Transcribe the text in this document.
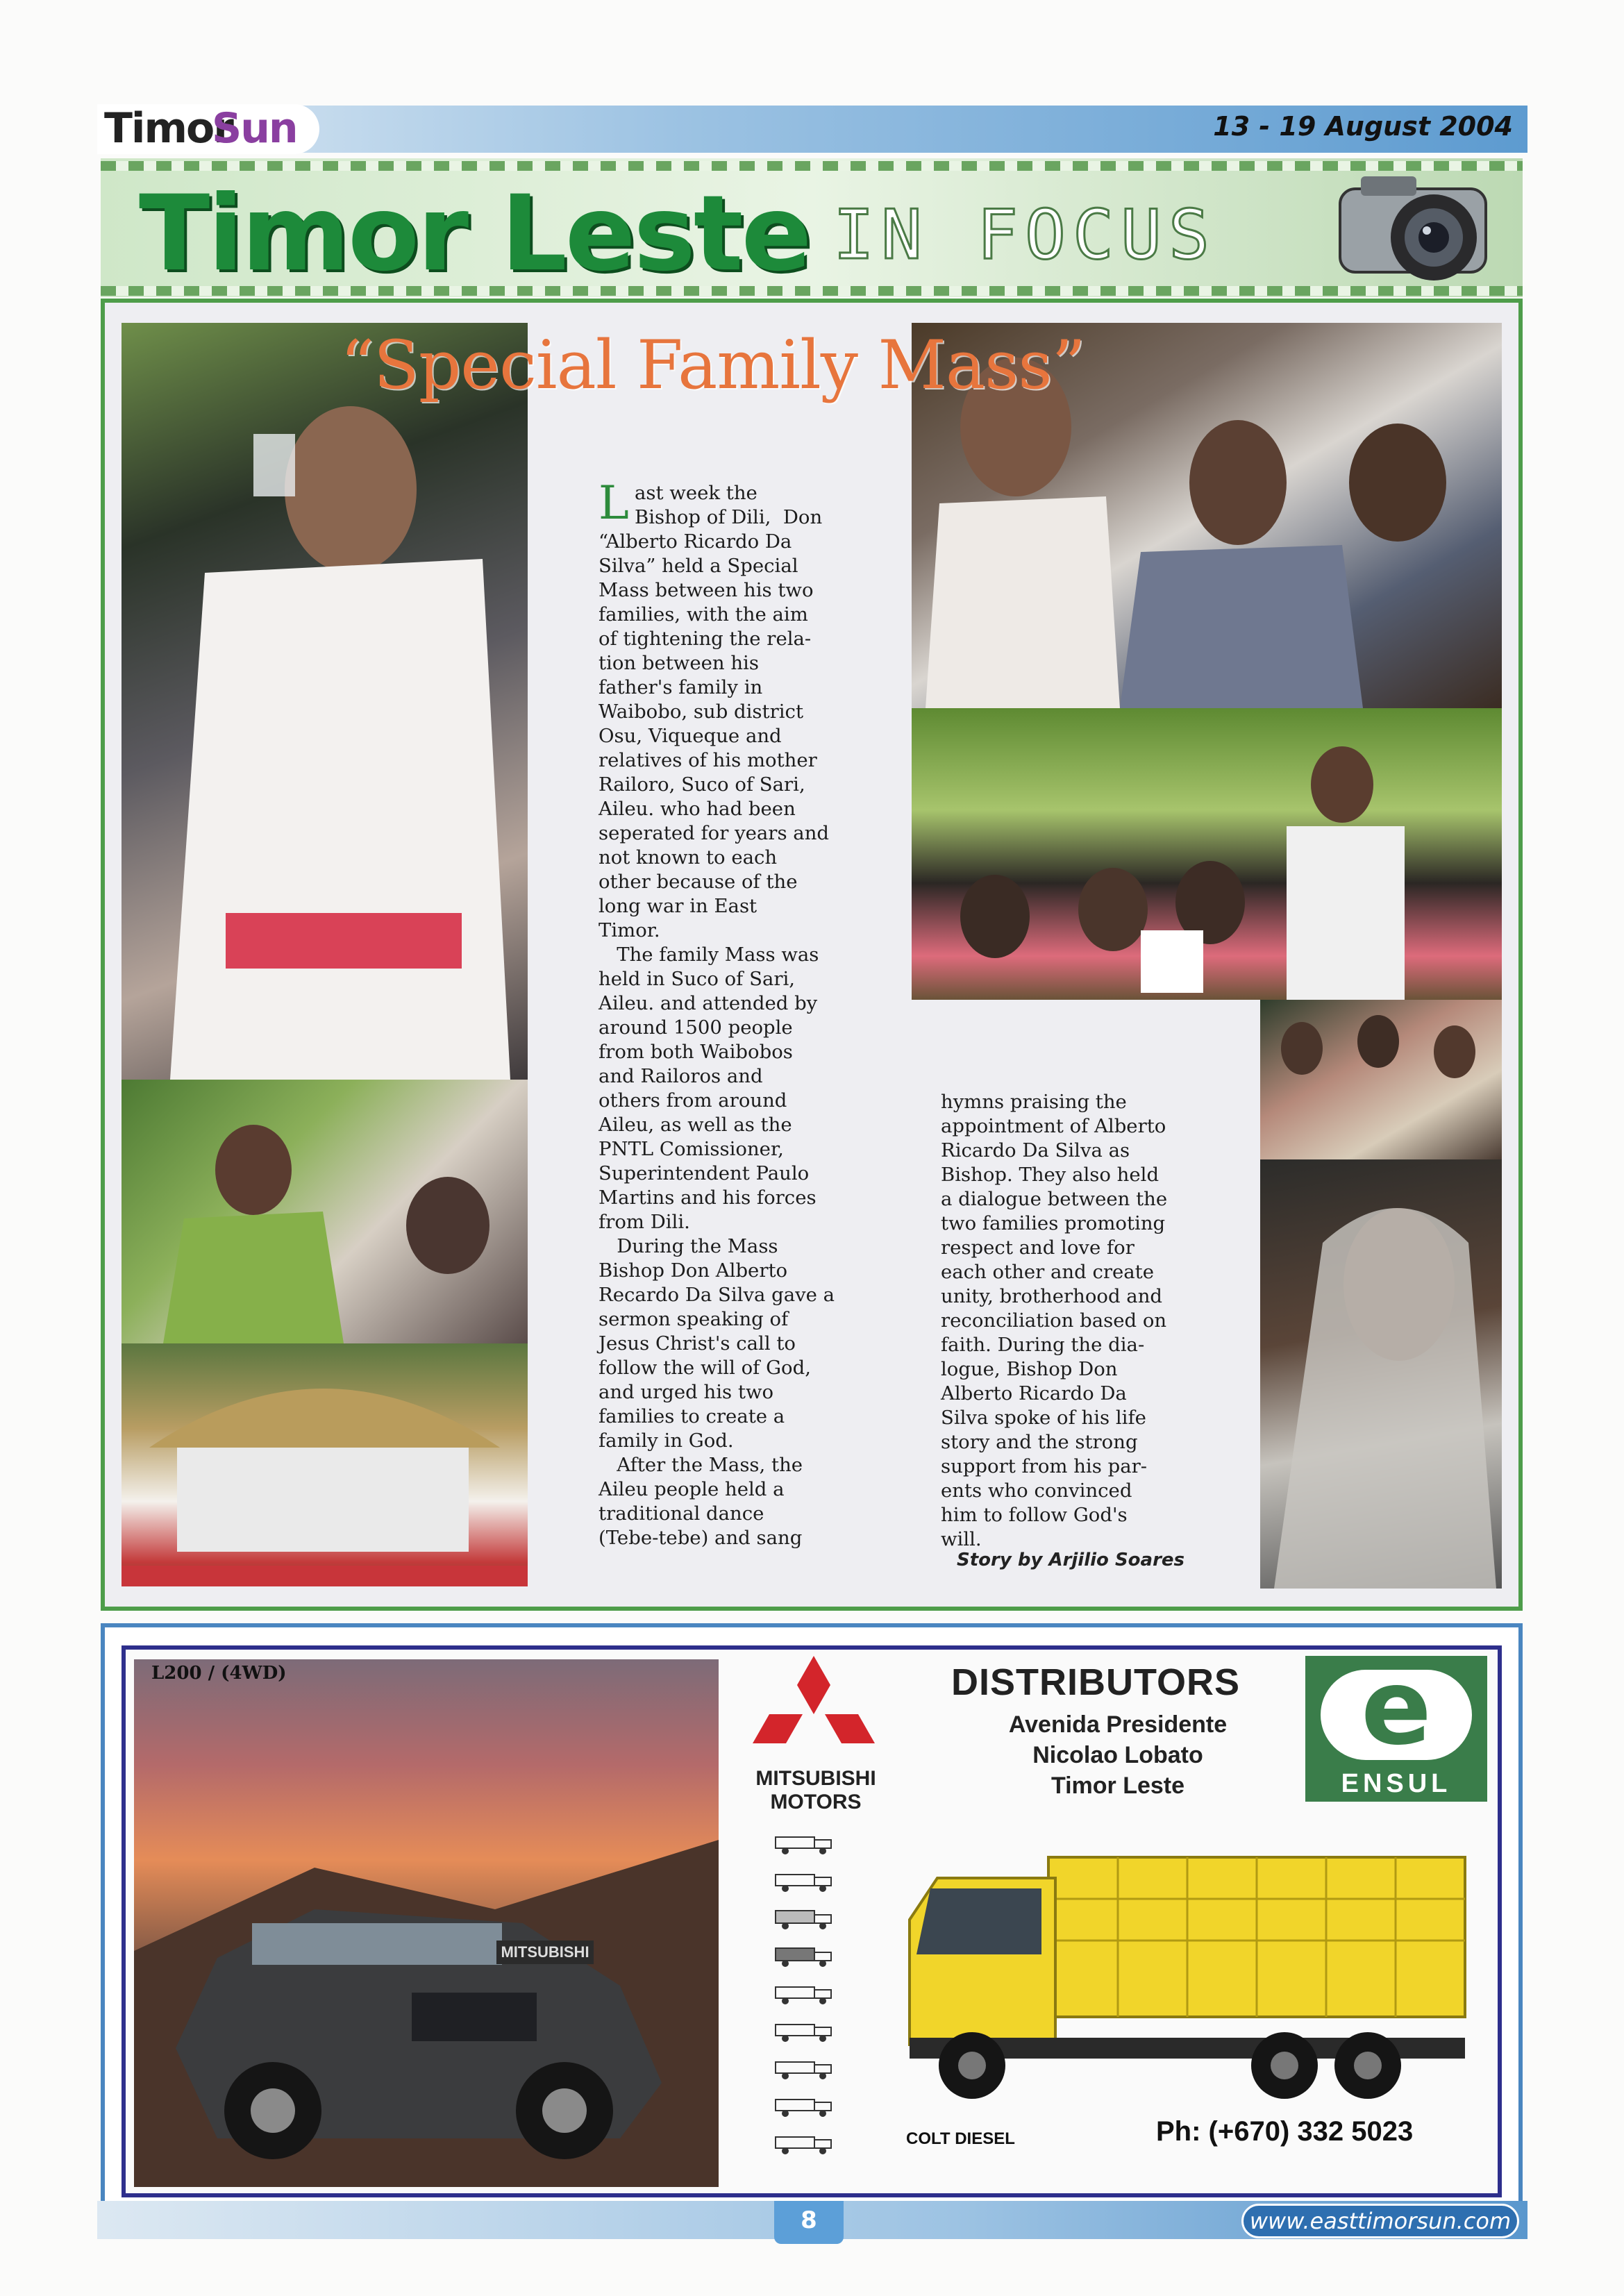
Timor
Sun	13 - 19 August 2004
Timor Leste IN FOCUS
“Special Family Mass”
L ast week the
Bishop of Dili,  Don
“Alberto Ricardo Da
Silva” held a Special
Mass between his two
families, with the aim
of tightening the rela-
tion between his
father's family in
Waibobo, sub district
Osu, Viqueque and
relatives of his mother
Railoro, Suco of Sari,
Aileu. who had been
seperated for years and
not known to each
other because of the
long war in East
Timor.
The family Mass was
held in Suco of Sari,
Aileu. and attended by
around 1500 people
from both Waibobos
and Railoros and
others from around
Aileu, as well as the
PNTL Comissioner,
Superintendent Paulo
Martins and his forces
from Dili.
During the Mass
Bishop Don Alberto
Recardo Da Silva gave a
sermon speaking of
Jesus Christ's call to
follow the will of God,
and urged his two
families to create a
family in God.
After the Mass, the
Aileu people held a
traditional dance
(Tebe-tebe) and sang
hymns praising the
appointment of Alberto
Ricardo Da Silva as
Bishop. They also held
a dialogue between the
two families promoting
respect and love for
each other and create
unity, brotherhood and
reconciliation based on
faith. During the dia-
logue, Bishop Don
Alberto Ricardo Da
Silva spoke of his life
story and the strong
support from his par-
ents who convinced
him to follow God's
will.
Story by Arjilio Soares
L200 / (4WD)
MITSUBISHI
MITSUBISHI
MOTORS
DISTRIBUTORS
Avenida Presidente
Nicolao Lobato
Timor Leste
e
ENSUL
COLT DIESEL	Ph: (+670) 332 5023
8	www.easttimorsun.com
